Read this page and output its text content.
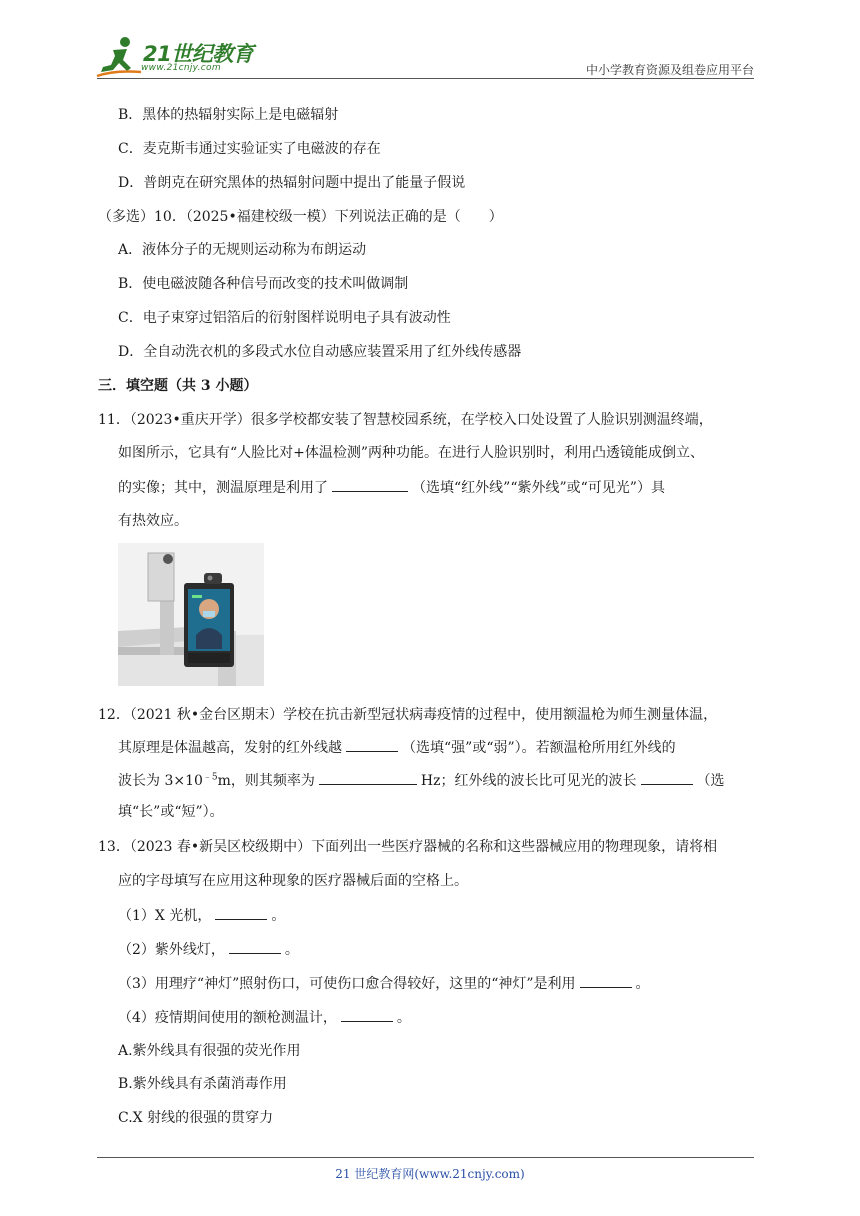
21世纪教育
www.21cnjy.com	中小学教育资源及组卷应用平台
B．黑体的热辐射实际上是电磁辐射
C．麦克斯韦通过实验证实了电磁波的存在
D．普朗克在研究黑体的热辐射问题中提出了能量子假说
（多选）10．（2025•福建校级一模）下列说法正确的是（　　）
A．液体分子的无规则运动称为布朗运动
B．使电磁波随各种信号而改变的技术叫做调制
C．电子束穿过铝箔后的衍射图样说明电子具有波动性
D．全自动洗衣机的多段式水位自动感应装置采用了红外线传感器
三．填空题（共 3 小题）
11．（2023•重庆开学）很多学校都安装了智慧校园系统，在学校入口处设置了人脸识别测温终端，
如图所示，它具有“人脸比对+体温检测”两种功能。在进行人脸识别时，利用凸透镜能成倒立、
的实像；其中，测温原理是利用了	（选填“红外线”“紫外线”或“可见光”）具
有热效应。
12．（2021 秋•金台区期末）学校在抗击新型冠状病毒疫情的过程中，使用额温枪为师生测量体温，
其原理是体温越高，发射的红外线越	（选填“强”或“弱”）。若额温枪所用红外线的
波长为 $3\times 10^{﹣5}m$，则其频率为	Hz；红外线的波长比可见光的波长	（选
填“长”或“短”）。
13．（2023 春•新吴区校级期中）下面列出一些医疗器械的名称和这些器械应用的物理现象，请将相
应的字母填写在应用这种现象的医疗器械后面的空格上。
（1）X 光机，	。
（2）紫外线灯，	。
（3）用理疗“神灯”照射伤口，可使伤口愈合得较好，这里的“神灯”是利用	。
（4）疫情期间使用的额枪测温计，	。
A.紫外线具有很强的荧光作用
B.紫外线具有杀菌消毒作用
C.X 射线的很强的贯穿力
21 世纪教育网(www.21cnjy.com)
